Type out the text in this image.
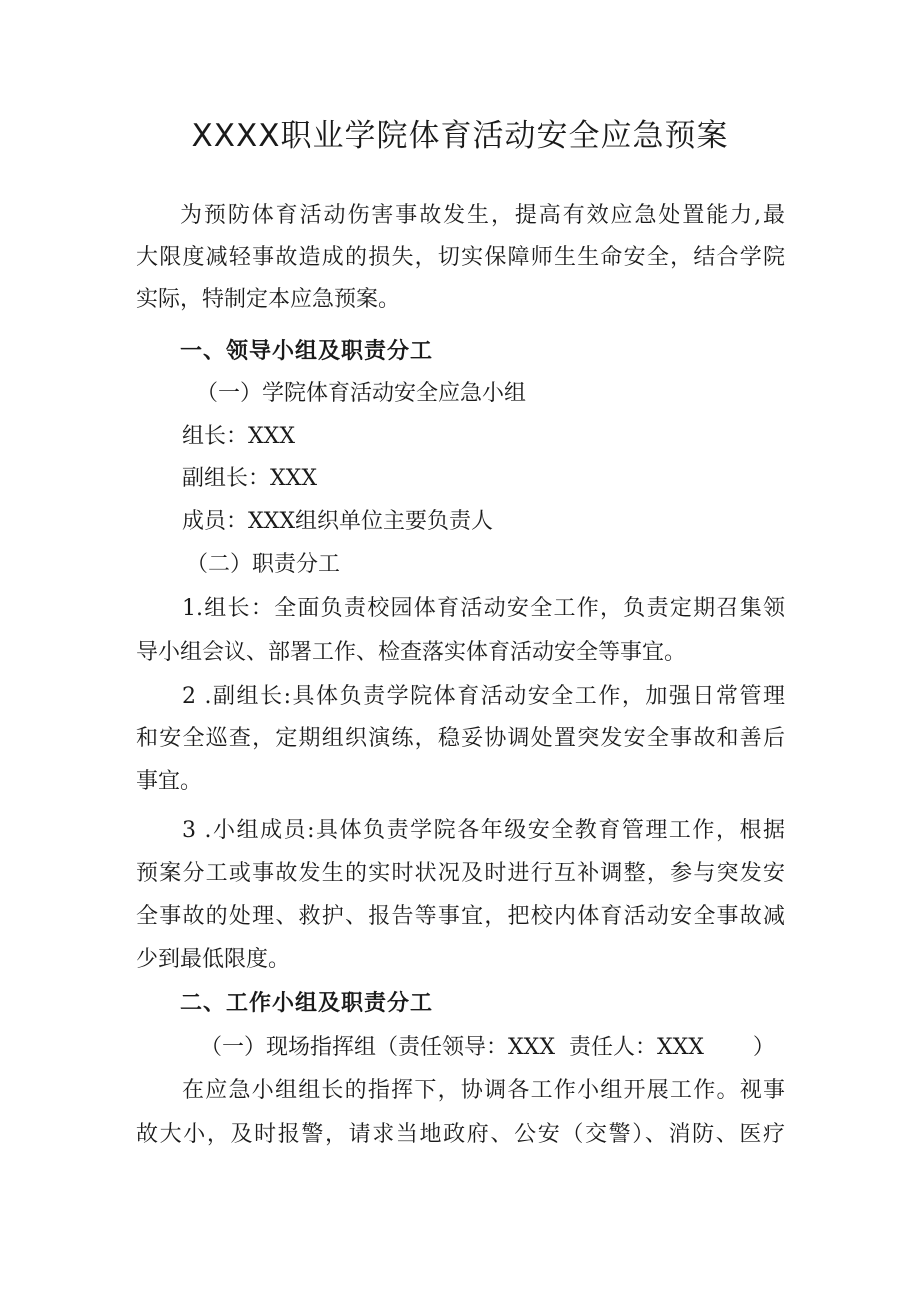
XXXX职业学院体育活动安全应急预案

为预防体育活动伤害事故发生，提高有效应急处置能力,最

大限度减轻事故造成的损失，切实保障师生生命安全，结合学院

实际，特制定本应急预案。

一、领导小组及职责分工

（一）学院体育活动安全应急小组

组长：XXX

副组长：XXX

成员：XXX组织单位主要负责人

（二）职责分工

1.组长：全面负责校园体育活动安全工作，负责定期召集领

导小组会议、部署工作、检查落实体育活动安全等事宜。

2 .副组长:具体负责学院体育活动安全工作，加强日常管理

和安全巡查，定期组织演练，稳妥协调处置突发安全事故和善后

事宜。

3 .小组成员:具体负责学院各年级安全教育管理工作，根据

预案分工或事故发生的实时状况及时进行互补调整，参与突发安

全事故的处理、救护、报告等事宜，把校内体育活动安全事故减

少到最低限度。

二、工作小组及职责分工

（一）现场指挥组（责任领导：XXX  责任人：XXX       ）

在应急小组组长的指挥下，协调各工作小组开展工作。视事

故大小，及时报警，请求当地政府、公安（交警）、消防、医疗
